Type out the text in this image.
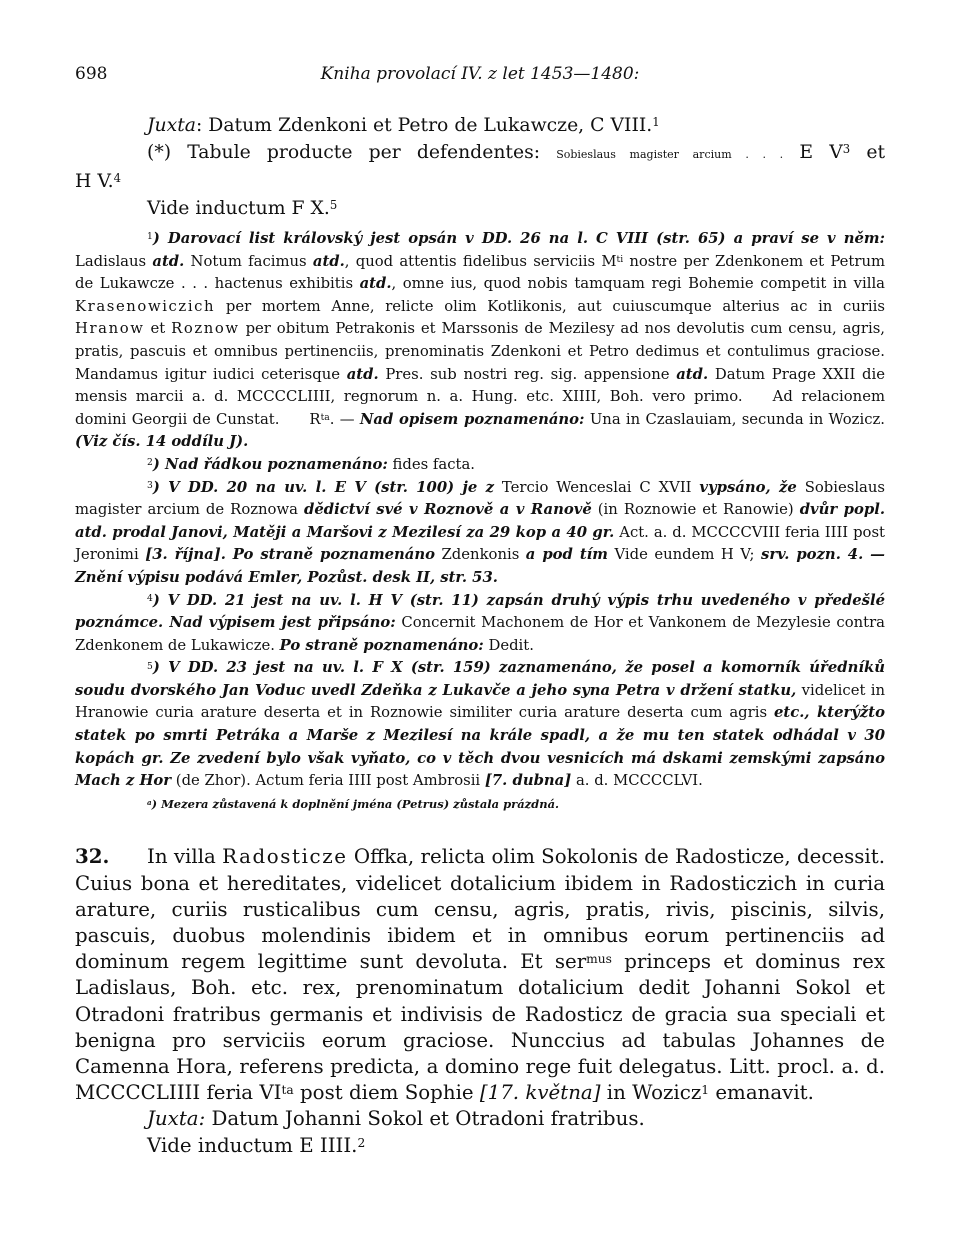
698	Kniha provolací IV. z let 1453—1480:

Juxta: Datum Zdenkoni et Petro de Lukawcze, C VIII.$^1$

(*) Tabule producte per defendentes: Sobieslaus magister arcium . . . E $V^3$ et

H V.$^4$

Vide inductum F X.$^5$

$^1$) Darovací list královský jest opsán v DD. 26 na l. C VIII (str. 65) a praví se v něm: Ladislaus atd. Notum facimus atd., quod attentis fidelibus serviciis $M^{ti}$ nostre per Zdenkonem et Petrum de Lukawcze . . . hactenus exhibitis atd., omne ius, quod nobis tamquam regi Bohemie competit in villa Krasenowiczich per mortem Anne, relicte olim Kotlikonis, aut cuiuscumque alterius ac in curiis Hranow et Roznow per obitum Petrakonis et Marssonis de Mezilesy ad nos devolutis cum censu, agris, pratis, pascuis et omnibus pertinenciis, prenominatis Zdenkoni et Petro dedimus et contulimus graciose. Mandamus igitur iudici ceterisque atd. Pres. sub nostri reg. sig. appensione atd. Datum Prage XXII die mensis marcii a. d. MCCCCLIIII, regnorum n. a. Hung. etc. XIIII, Boh. vero primo. Ad relacionem domini Georgii de Cunstat. $R^{ta}$. — Nad opisem poznamenáno: Una in Czaslauiam, secunda in Wozicz. (Viz čís. 14 oddílu J).

$^2$) Nad řádkou poznamenáno: fides facta.

$^3$) V DD. 20 na uv. l. E V (str. 100) je z Tercio Wenceslai C XVII vypsáno, že Sobieslaus magister arcium de Roznowa dědictví své v Roznově a v Ranově (in Roznowie et Ranowie) dvůr popl. atd. prodal Janovi, Matěji a Maršovi z Mezilesí za 29 kop a 40 gr. Act. a. d. MCCCCVIII feria IIII post Jeronimi [3. října]. Po straně poznamenáno Zdenkonis a pod tím Vide eundem H V; srv. pozn. 4. — Znění výpisu podává Emler, Pozůst. desk II, str. 53.

$^4$) V DD. 21 jest na uv. l. H V (str. 11) zapsán druhý výpis trhu uvedeného v předešlé poznámce. Nad výpisem jest připsáno: Concernit Machonem de Hor et Vankonem de Mezylesie contra Zdenkonem de Lukawicze. Po straně poznamenáno: Dedit.

$^5$) V DD. 23 jest na uv. l. F X (str. 159) zaznamenáno, že posel a komorník úředníků soudu dvorského Jan Voduc uvedl Zdeňka z Lukavče a jeho syna Petra v držení statku, videlicet in Hranowie curia arature deserta et in Roznowie similiter curia arature deserta cum agris etc., kterýžto statek po smrti Petráka a Marše z Mezilesí na krále spadl, a že mu ten statek odhádal v 30 kopách gr. Ze zvedení bylo však vyňato, co v těch dvou vesnicích má dskami zemskými zapsáno Mach z Hor (de Zhor). Actum feria IIII post Ambrosii [7. dubna] a. d. MCCCCLVI.

$^a$) Mezera zůstavená k doplnění jména (Petrus) zůstala prázdná.

32. In villa Radosticze Offka, relicta olim Sokolonis de Radosticze, decessit. Cuius bona et hereditates, videlicet dotalicium ibidem in Radosticzich in curia arature, curiis rusticalibus cum censu, agris, pratis, rivis, piscinis, silvis, pascuis, duobus molendinis ibidem et in omnibus eorum pertinenciis ad dominum regem legittime sunt devoluta. Et ser$^{mus}$ princeps et dominus rex Ladislaus, Boh. etc. rex, prenominatum dotalicium dedit Johanni Sokol et Otradoni fratribus germanis et indivisis de Radosticz de gracia sua speciali et benigna pro serviciis eorum graciose. Nunccius ad tabulas Johannes de Camenna Hora, referens predicta, a domino rege fuit delegatus. Litt. procl. a. d. MCCCCLIIII feria $VI^{ta}$ post diem Sophie [17. května] in Wozicz$^1$ emanavit.

Juxta: Datum Johanni Sokol et Otradoni fratribus.

Vide inductum E IIII.$^2$
